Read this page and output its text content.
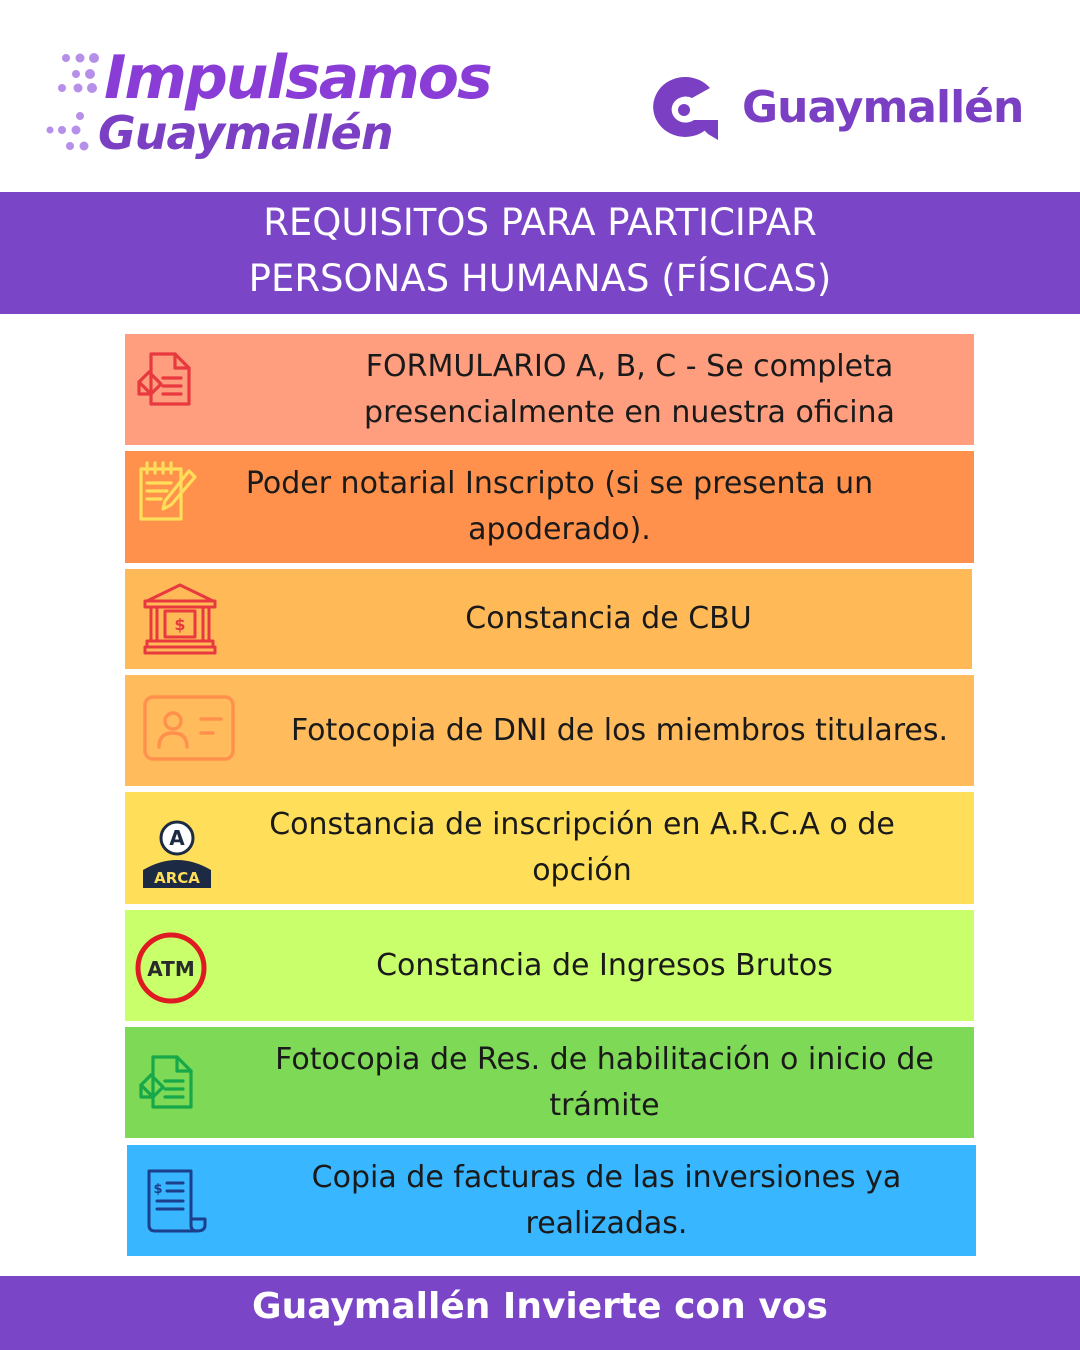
Impulsamos
Guaymallén	Guaymallén
REQUISITOS PARA PARTICIPAR
PERSONAS HUMANAS (FÍSICAS)
FORMULARIO A, B, C - Se completa
presencialmente en nuestra oficina
Poder notarial Inscripto (si se presenta un
apoderado).
$	Constancia de CBU
Fotocopia de DNI de los miembros titulares.
A
ARCA
Constancia de inscripción en A.R.C.A o de
opción
ATM	Constancia de Ingresos Brutos
Fotocopia de Res. de habilitación o inicio de
trámite
$	Copia de facturas de las inversiones ya
realizadas.
Guaymallén Invierte con vos
